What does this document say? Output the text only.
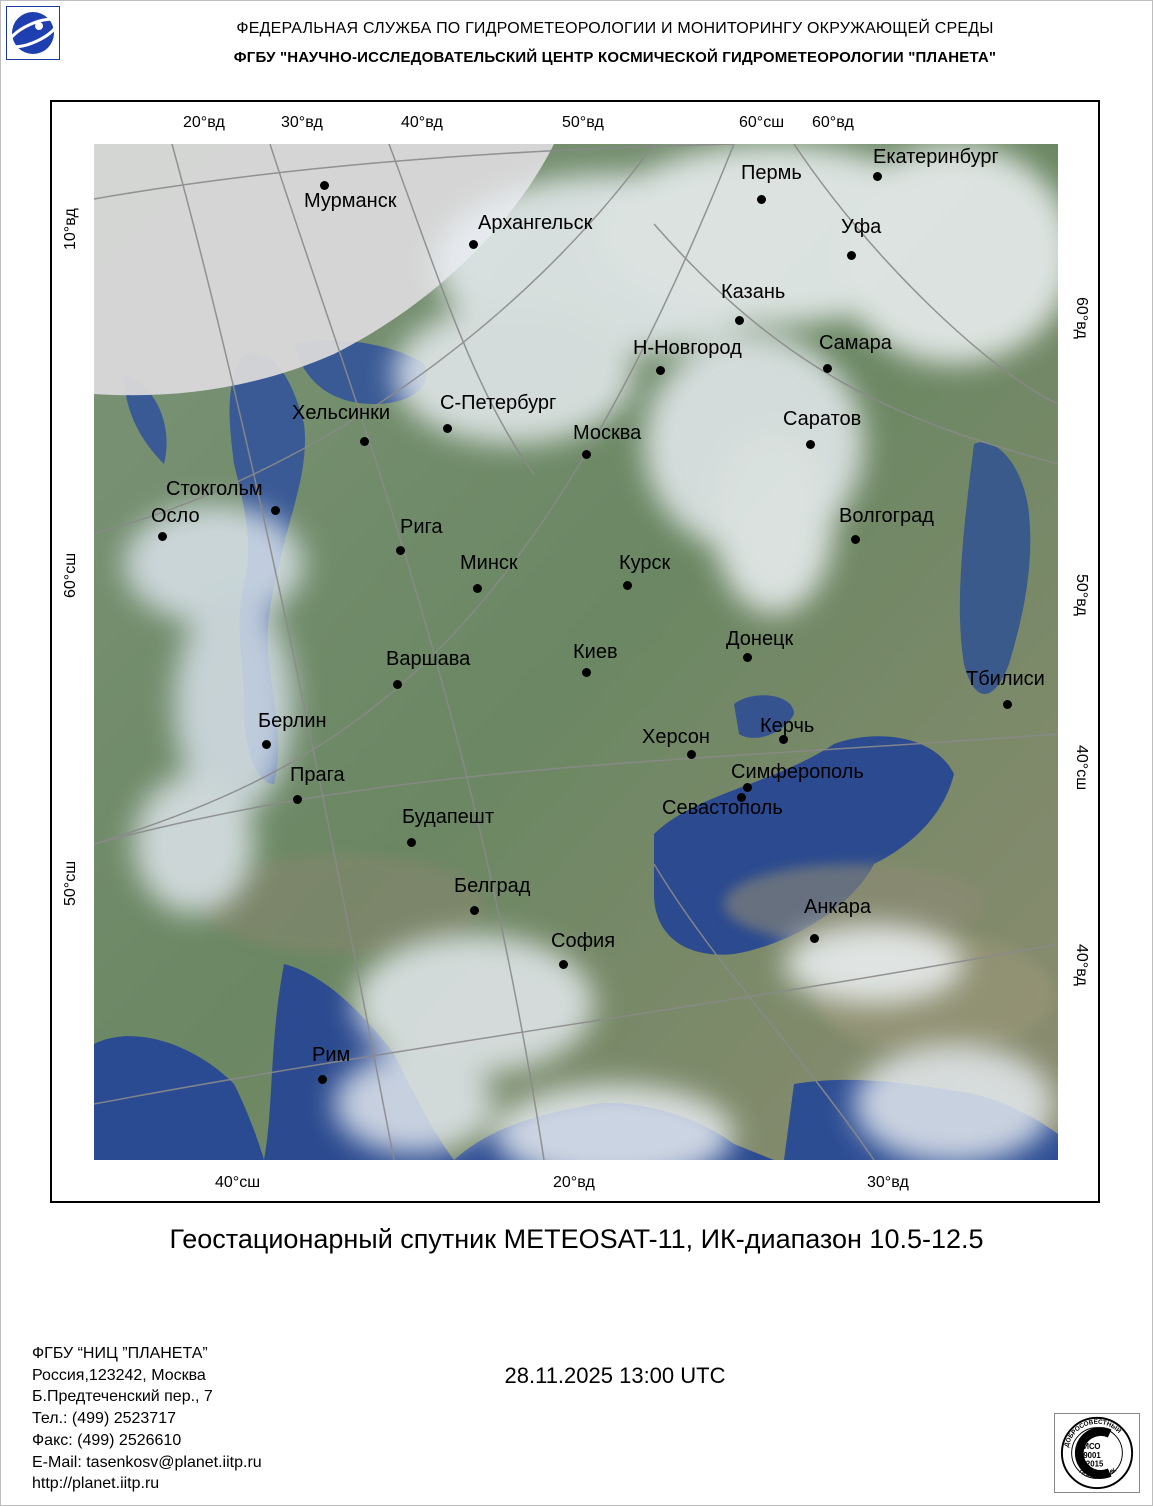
ФЕДЕРАЛЬНАЯ СЛУЖБА ПО ГИДРОМЕТЕОРОЛОГИИ И МОНИТОРИНГУ ОКРУЖАЮЩЕЙ СРЕДЫ
ФГБУ "НАУЧНО-ИССЛЕДОВАТЕЛЬСКИЙ ЦЕНТР КОСМИЧЕСКОЙ ГИДРОМЕТЕОРОЛОГИИ "ПЛАНЕТА"
20°вд	30°вд	40°вд	50°вд	60°сш 60°вд
40°сш	20°вд	30°вд
10°вд
60°сш
50°сш
60°вд
50°вд
40°сш
40°вд
Екатеринбург
Пермь
Мурманск
Архангельск	Уфа
Казань
Самара
Н-Новгород
Хельсинки С-Петербург
Москва
Саратов
Стокгольм
Осло	Рига	Волгоград
Минск	Курск
Донецк
Киев
Варшава
Тбилиси
Берлин	Керчь
Херсон
Прага	Симферополь
Севастополь
Будапешт
Белград
Анкара
София
Рим
Геостационарный спутник METEOSAT-11, ИК-диапазон 10.5-12.5
ФГБУ “НИЦ ”ПЛАНЕТА”
Россия,123242, Москва
Б.Предтеченский пер., 7
Тел.: (499) 2523717
Факс: (499) 2526610
E-Mail: tasenkosv@planet.iitp.ru
http://planet.iitp.ru
28.11.2025 13:00 UTC
ДОБРОСОВЕСТНЫЙ
ПОСТАВЩИК
ИСО 9001 -2015
